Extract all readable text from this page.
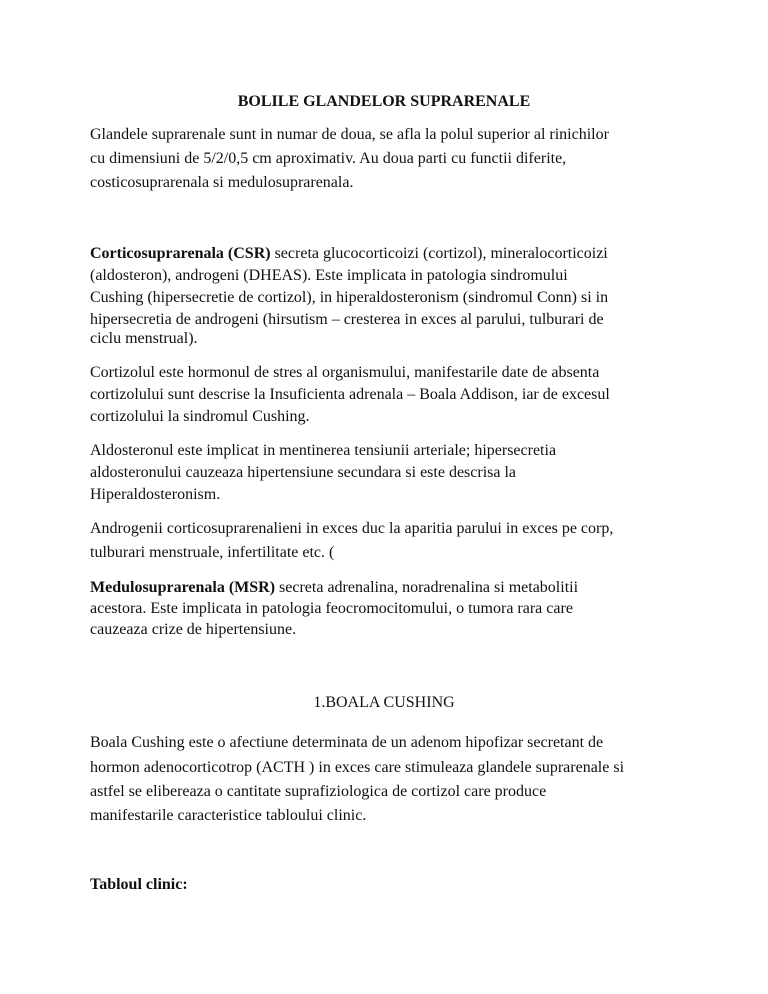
BOLILE GLANDELOR SUPRARENALE
Glandele suprarenale sunt in numar de doua, se afla la polul superior al rinichilor
cu dimensiuni de 5/2/0,5 cm aproximativ. Au doua parti cu functii diferite,
costicosuprarenala si medulosuprarenala.
Corticosuprarenala (CSR) secreta glucocorticoizi (cortizol), mineralocorticoizi
(aldosteron), androgeni (DHEAS). Este implicata in patologia sindromului
Cushing (hipersecretie de cortizol), in hiperaldosteronism (sindromul Conn) si in
hipersecretia de androgeni (hirsutism – cresterea in exces al parului, tulburari de
ciclu menstrual).
Cortizolul este hormonul de stres al organismului, manifestarile date de absenta
cortizolului sunt descrise la Insuficienta adrenala – Boala Addison, iar de excesul
cortizolului la sindromul Cushing.
Aldosteronul este implicat in mentinerea tensiunii arteriale; hipersecretia
aldosteronului cauzeaza hipertensiune secundara si este descrisa la
Hiperaldosteronism.
Androgenii corticosuprarenalieni in exces duc la aparitia parului in exces pe corp,
tulburari menstruale, infertilitate etc. (
Medulosuprarenala (MSR) secreta adrenalina, noradrenalina si metabolitii
acestora. Este implicata in patologia feocromocitomului, o tumora rara care
cauzeaza crize de hipertensiune.
1.BOALA CUSHING
Boala Cushing este o afectiune determinata de un adenom hipofizar secretant de
hormon adenocorticotrop (ACTH ) in exces care stimuleaza glandele suprarenale si
astfel se elibereaza o cantitate suprafiziologica de cortizol care produce
manifestarile caracteristice tabloului clinic.
Tabloul clinic:
